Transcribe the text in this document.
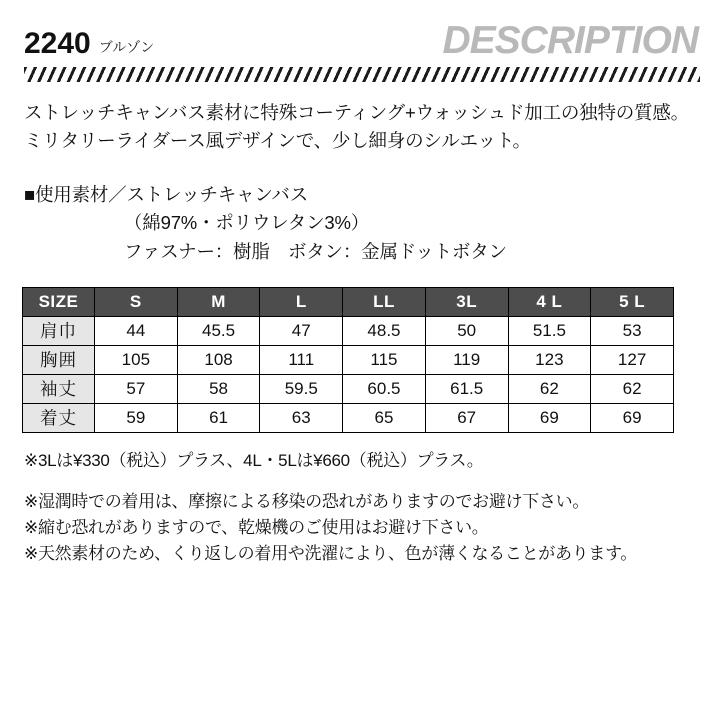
2240 ブルゾン	DESCRIPTION
ストレッチキャンバス素材に特殊コーティング+ウォッシュド加工の独特の質感。
ミリタリーライダース風デザインで、少し細身のシルエット。
■使用素材／ストレッチキャンバス
（綿97%・ポリウレタン3%）
ファスナー：樹脂　ボタン：金属ドットボタン
SIZE	S	M	L	LL	3L	4 L	5 L
肩巾	44	45.5	47	48.5	50	51.5	53
胸囲	105	108	111	115	119	123	127
袖丈	57	58	59.5	60.5	61.5	62	62
着丈	59	61	63	65	67	69	69
※3Lは¥330（税込）プラス、4L・5Lは¥660（税込）プラス。
※湿潤時での着用は、摩擦による移染の恐れがありますのでお避け下さい。
※縮む恐れがありますので、乾燥機のご使用はお避け下さい。
※天然素材のため、くり返しの着用や洗濯により、色が薄くなることがあります。
